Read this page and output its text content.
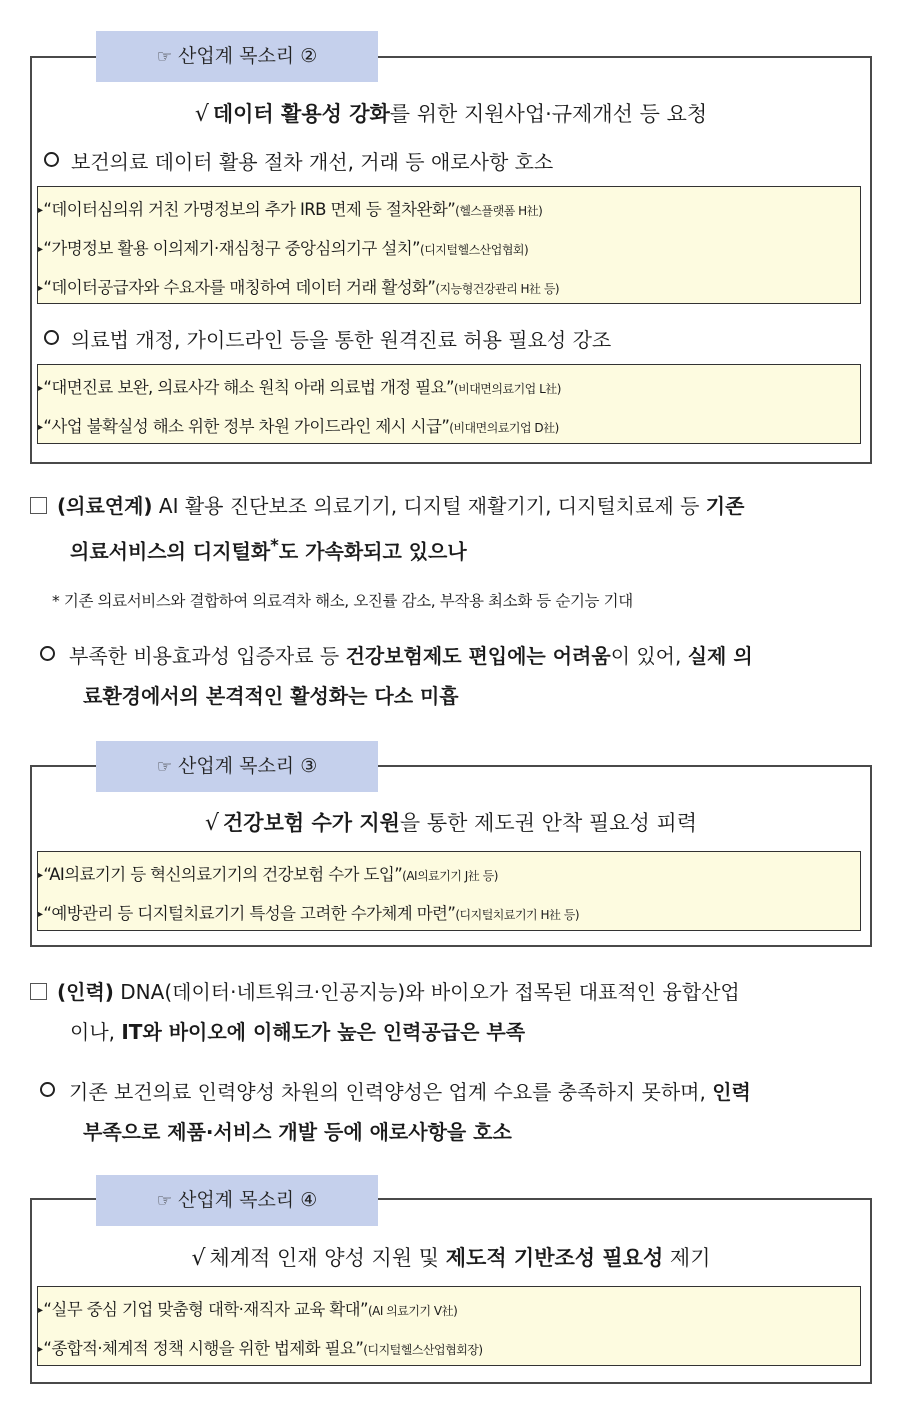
√ 데이터 활용성 강화를 위한 지원사업·규제개선 등 요청
보건의료 데이터 활용 절차 개선, 거래 등 애로사항 호소
▸“데이터심의위 거친 가명정보의 추가 IRB 면제 등 절차완화”(헬스플랫폼 H社)
▸“가명정보 활용 이의제기·재심청구 중앙심의기구 설치”(디지털헬스산업협회)
▸“데이터공급자와 수요자를 매칭하여 데이터 거래 활성화”(지능형건강관리 H社 등)
의료법 개정, 가이드라인 등을 통한 원격진료 허용 필요성 강조
▸“대면진료 보완, 의료사각 해소 원칙 아래 의료법 개정 필요”(비대면의료기업 L社)
▸“사업 불확실성 해소 위한 정부 차원 가이드라인 제시 시급”(비대면의료기업 D社)
☞ 산업계 목소리 ②
(의료연계) AI 활용 진단보조 의료기기, 디지털 재활기기, 디지털치료제 등 기존
의료서비스의 디지털화*도 가속화되고 있으나
* 기존 의료서비스와 결합하여 의료격차 해소, 오진률 감소, 부작용 최소화 등 순기능 기대
부족한 비용효과성 입증자료 등 건강보험제도 편입에는 어려움이 있어, 실제 의
료환경에서의 본격적인 활성화는 다소 미흡
√ 건강보험 수가 지원을 통한 제도권 안착 필요성 피력
▸“AI의료기기 등 혁신의료기기의 건강보험 수가 도입”(AI의료기기 J社 등)
▸“예방관리 등 디지털치료기기 특성을 고려한 수가체계 마련”(디지털치료기기 H社 등)
☞ 산업계 목소리 ③
(인력) DNA(데이터·네트워크·인공지능)와 바이오가 접목된 대표적인 융합산업
이나, IT와 바이오에 이해도가 높은 인력공급은 부족
기존 보건의료 인력양성 차원의 인력양성은 업계 수요를 충족하지 못하며, 인력
부족으로 제품·서비스 개발 등에 애로사항을 호소
√ 체계적 인재 양성 지원 및 제도적 기반조성 필요성 제기
▸“실무 중심 기업 맞춤형 대학·재직자 교육 확대”(AI 의료기기 V社)
▸“종합적·체계적 정책 시행을 위한 법제화 필요”(디지털헬스산업협회장)
☞ 산업계 목소리 ④
